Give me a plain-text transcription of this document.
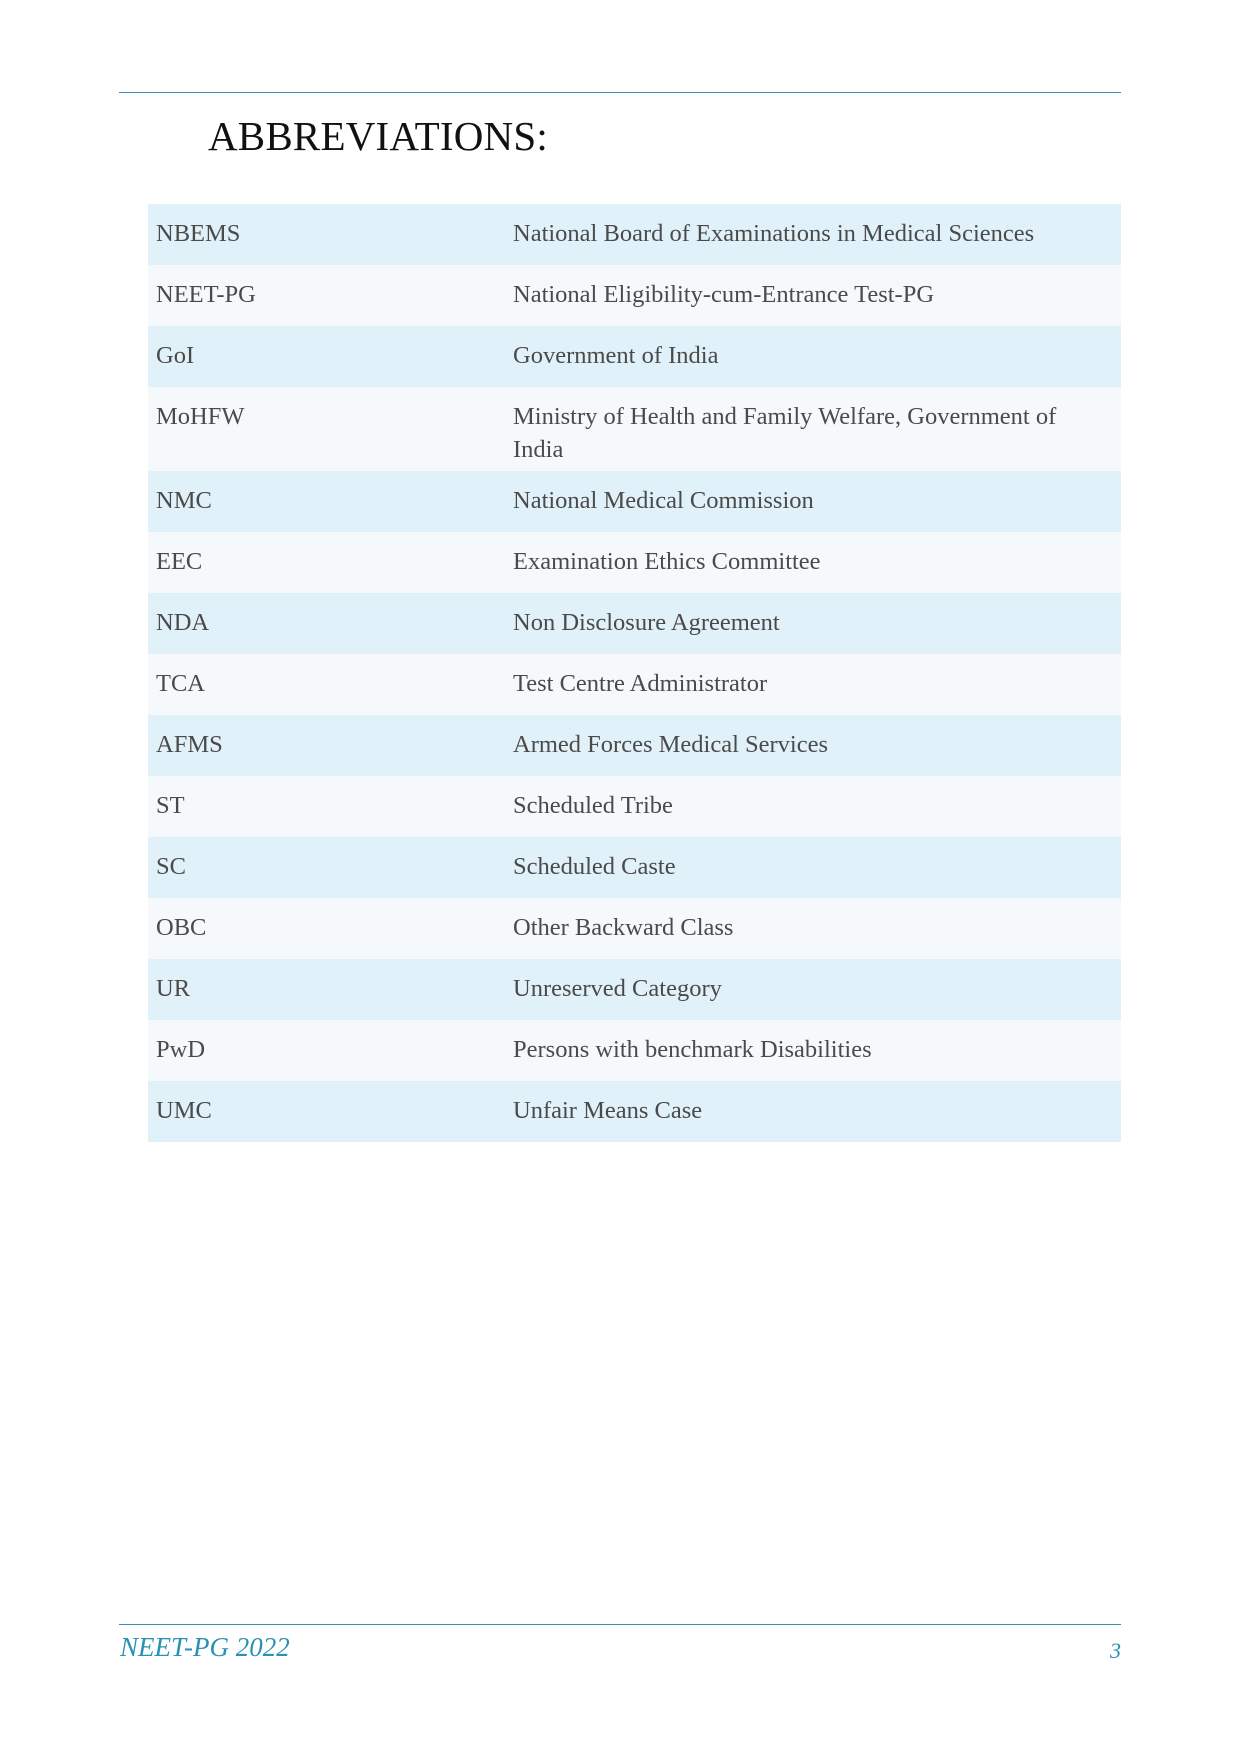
ABBREVIATIONS:
NBEMS	National Board of Examinations in Medical Sciences
NEET-PG	National Eligibility-cum-Entrance Test-PG
GoI	Government of India
MoHFW	Ministry of Health and Family Welfare, Government of India
NMC	National Medical Commission
EEC	Examination Ethics Committee
NDA	Non Disclosure Agreement
TCA	Test Centre Administrator
AFMS	Armed Forces Medical Services
ST	Scheduled Tribe
SC	Scheduled Caste
OBC	Other Backward Class
UR	Unreserved Category
PwD	Persons with benchmark Disabilities
UMC	Unfair Means Case
NEET-PG 2022	3
